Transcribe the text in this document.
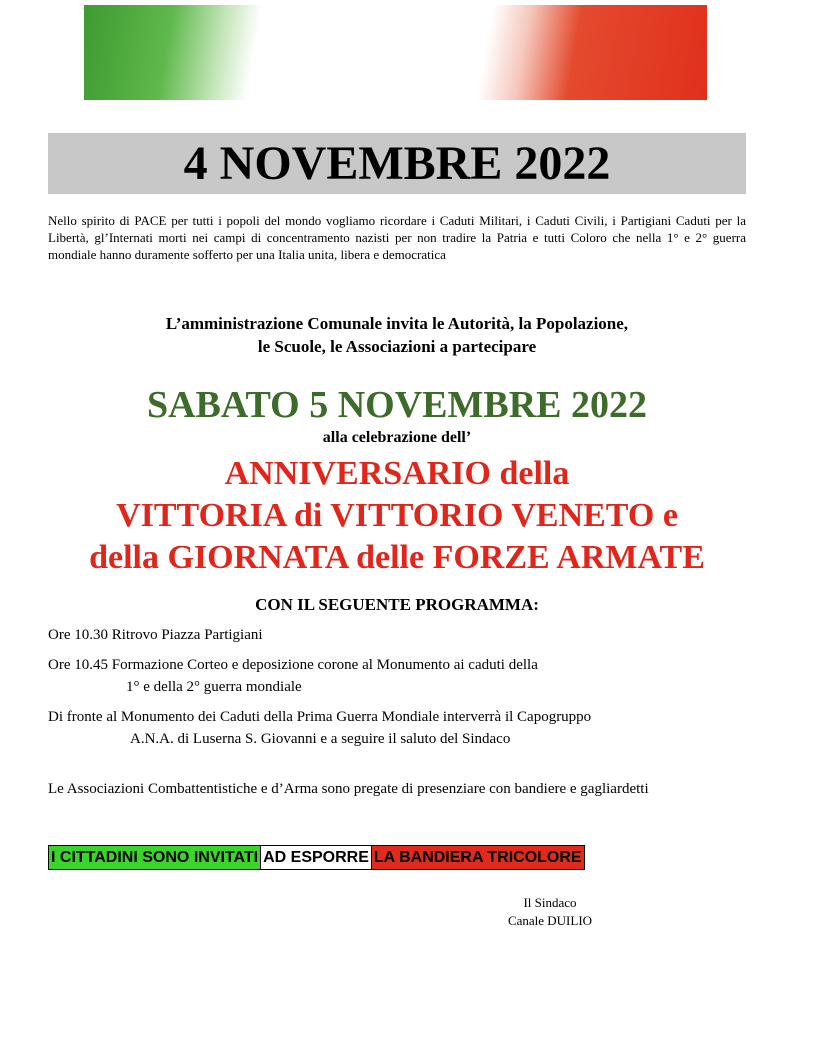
4 NOVEMBRE 2022
Nello spirito di PACE per tutti i popoli del mondo vogliamo ricordare i Caduti Militari, i Caduti Civili, i Partigiani Caduti per la Libertà, gl’Internati morti nei campi di concentramento nazisti per non tradire la Patria e tutti Coloro che nella 1° e 2° guerra mondiale hanno duramente sofferto per una Italia unita, libera e democratica
L’amministrazione Comunale invita le Autorità, la Popolazione,
le Scuole, le Associazioni a partecipare
SABATO 5 NOVEMBRE 2022
alla celebrazione dell’
ANNIVERSARIO della
VITTORIA di VITTORIO VENETO e
della GIORNATA delle FORZE ARMATE
CON IL SEGUENTE PROGRAMMA:
Ore 10.30 Ritrovo Piazza Partigiani
Ore 10.45 Formazione Corteo e deposizione corone al Monumento ai caduti della
1° e della 2° guerra mondiale
Di fronte al Monumento dei Caduti della Prima Guerra Mondiale interverrà il Capogruppo
A.N.A. di Luserna S. Giovanni e a seguire il saluto del Sindaco
Le Associazioni Combattentistiche e d’Arma sono pregate di presenziare con bandiere e gagliardetti
I CITTADINI SONO INVITATI AD ESPORRE LA BANDIERA TRICOLORE
Il Sindaco
Canale DUILIO
